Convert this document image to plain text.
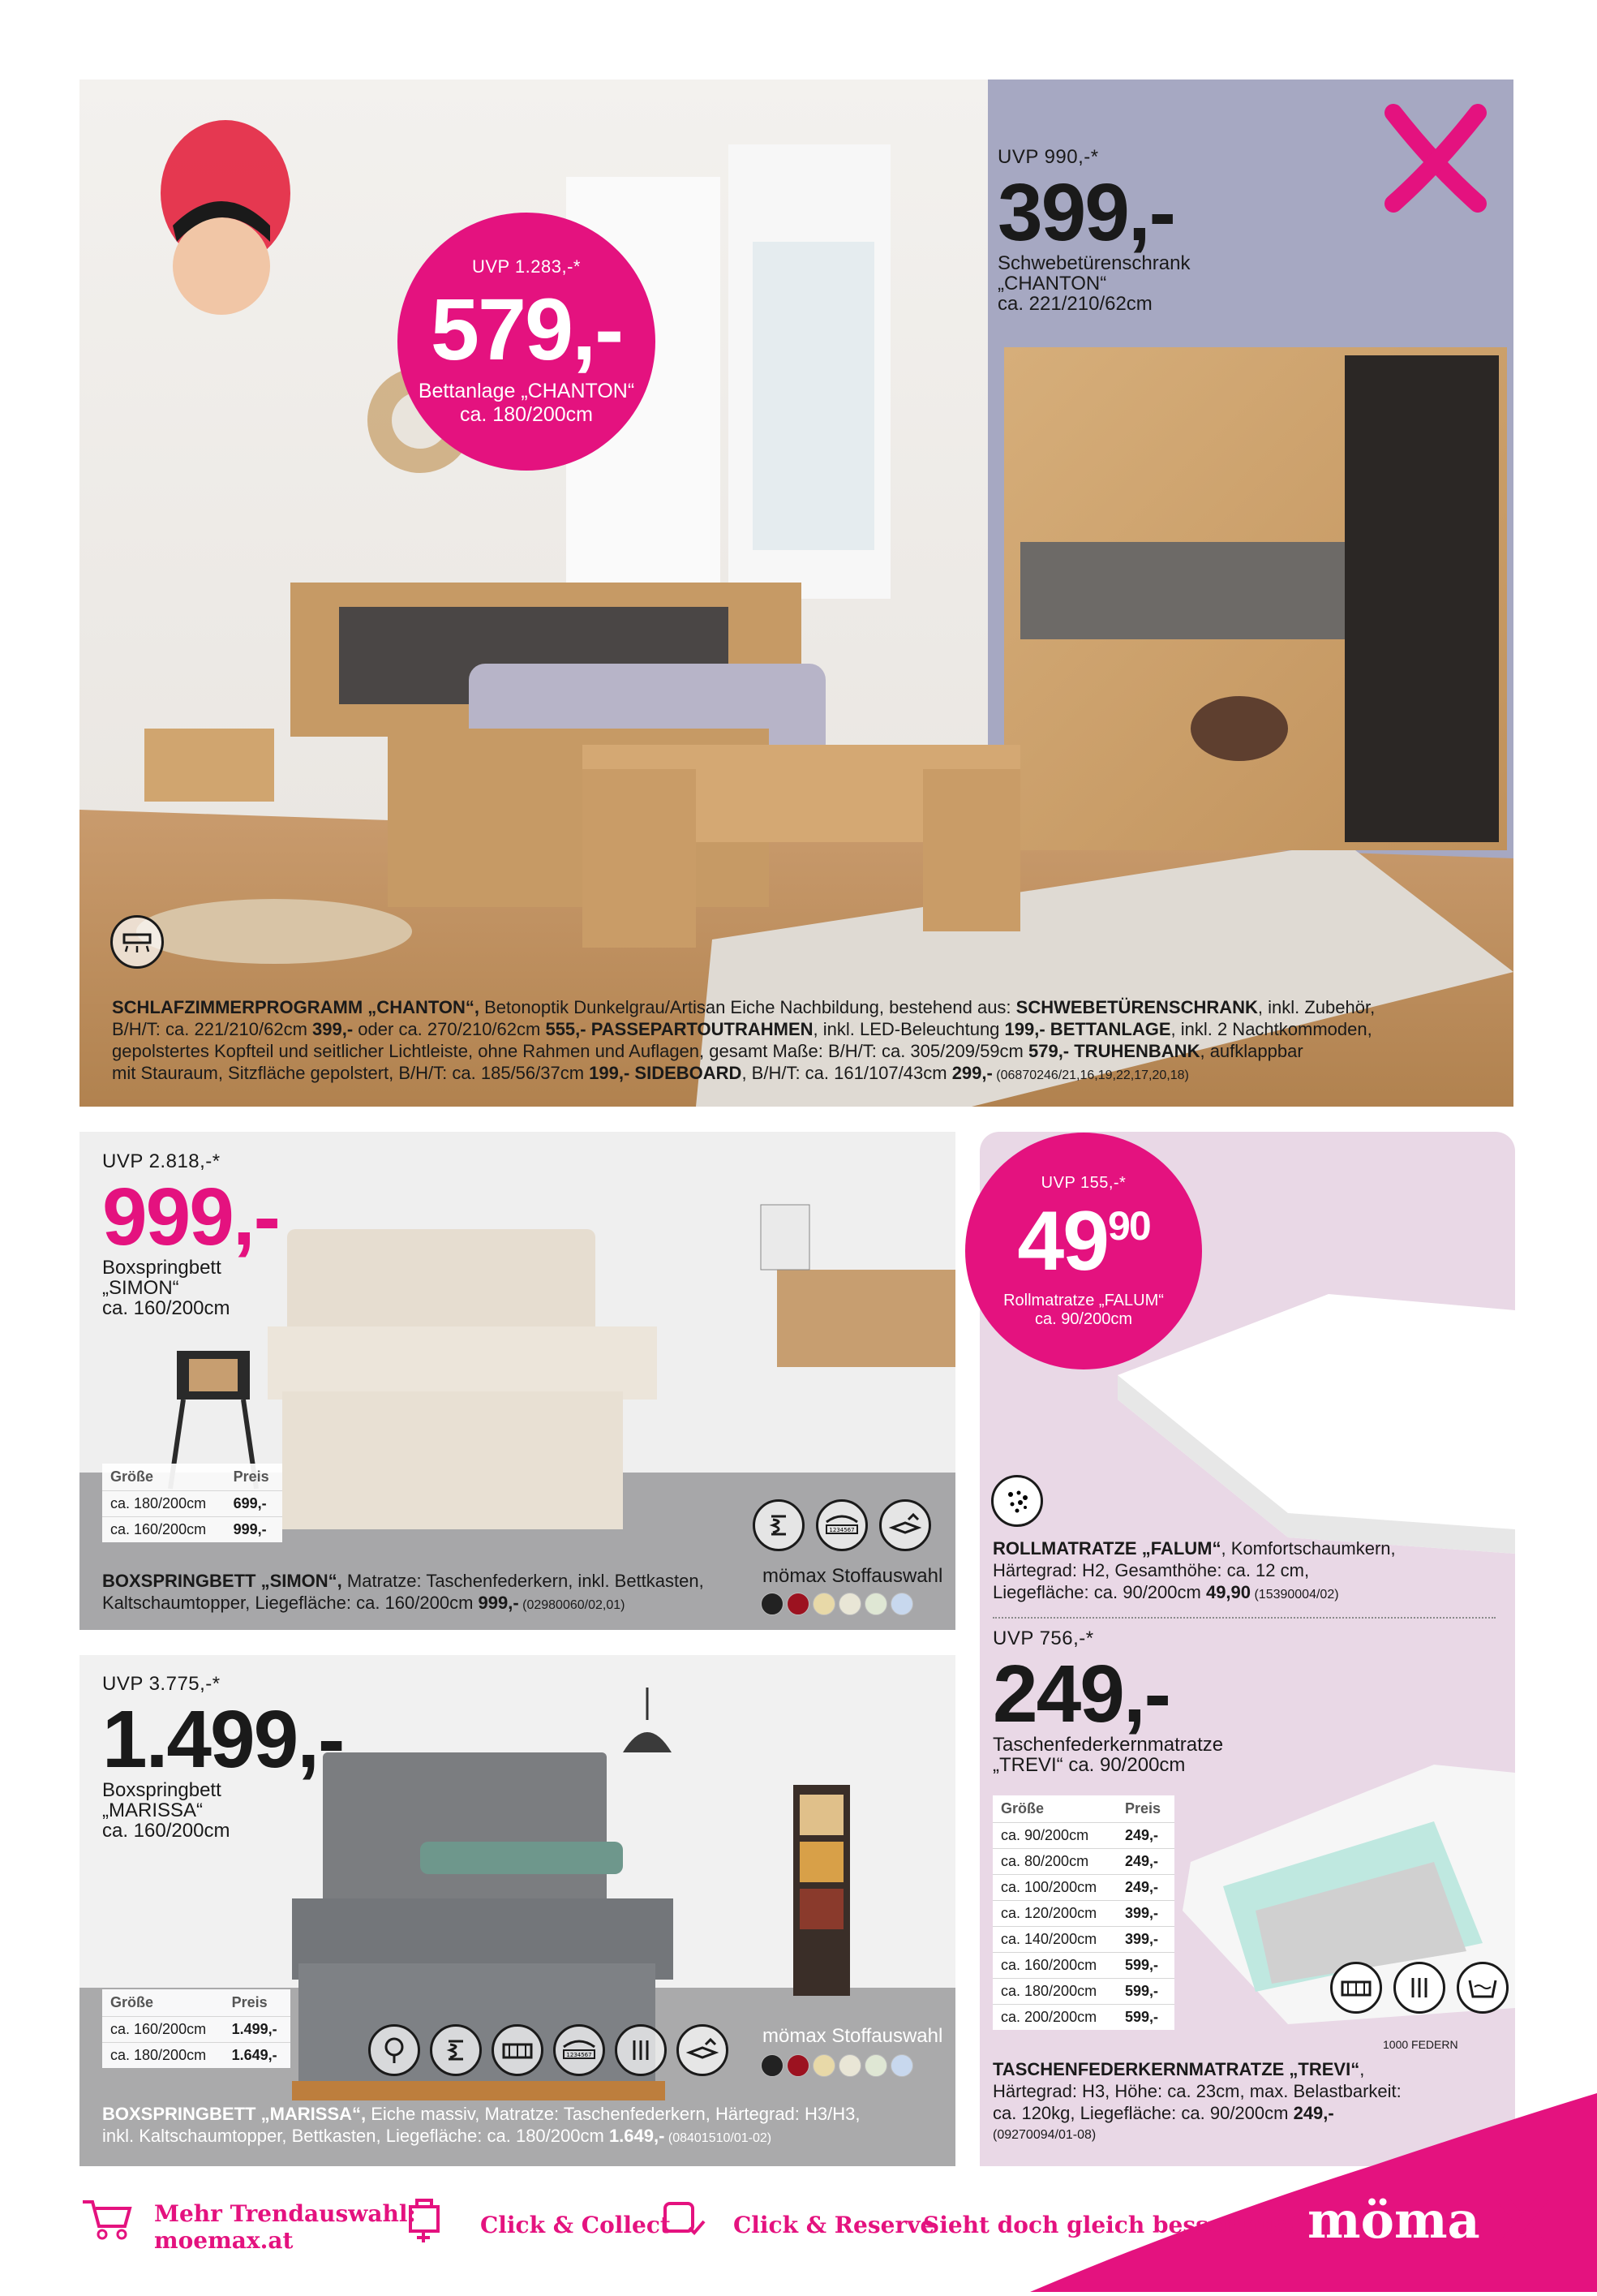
UVP 1.283,-*
579,-
Bettanlage „CHANTON“
ca. 180/200cm
UVP 990,-*
399,-
Schwebetürenschrank
„CHANTON“
ca. 221/210/62cm
SCHLAFZIMMERPROGRAMM „CHANTON“, Betonoptik Dunkelgrau/Artisan Eiche Nachbildung, bestehend aus: SCHWEBETÜRENSCHRANK, inkl. Zubehör,
B/H/T: ca. 221/210/62cm 399,- oder ca. 270/210/62cm 555,- PASSEPARTOUTRAHMEN, inkl. LED-Beleuchtung 199,- BETTANLAGE, inkl. 2 Nachtkommoden,
gepolstertes Kopfteil und seitlicher Lichtleiste, ohne Rahmen und Auflagen, gesamt Maße: B/H/T: ca. 305/209/59cm 579,- TRUHENBANK, aufklappbar
mit Stauraum, Sitzfläche gepolstert, B/H/T: ca. 185/56/37cm 199,- SIDEBOARD, B/H/T: ca. 161/107/43cm 299,- (06870246/21,16,19,22,17,20,18)
UVP 2.818,-*
999,-
Boxspringbett
„SIMON“
ca. 160/200cm
Größe	Preis
ca. 180/200cm	699,-
ca. 160/200cm	999,-	1234567
mömax Stoffauswahl
BOXSPRINGBETT „SIMON“, Matratze: Taschenfederkern, inkl. Bettkasten,
Kaltschaumtopper, Liegefläche: ca. 160/200cm 999,- (02980060/02,01)
UVP 3.775,-*
1.499,-
Boxspringbett
„MARISSA“
ca. 160/200cm
Größe	Preis
ca. 160/200cm	1.499,-
ca. 180/200cm	1.649,-	1234567
mömax Stoffauswahl
BOXSPRINGBETT „MARISSA“, Eiche massiv, Matratze: Taschenfederkern, Härtegrad: H3/H3,
inkl. Kaltschaumtopper, Bettkasten, Liegefläche: ca. 180/200cm 1.649,- (08401510/01-02)
UVP 155,-*
49 90
Rollmatratze „FALUM“
ca. 90/200cm
ROLLMATRATZE „FALUM“, Komfortschaumkern,
Härtegrad: H2, Gesamthöhe: ca. 12 cm,
Liegefläche: ca. 90/200cm 49,90 (15390004/02)
UVP 756,-*
249,-
Taschenfederkernmatratze
„TREVI“ ca. 90/200cm
Größe	Preis
ca. 90/200cm	249,-
ca. 80/200cm	249,-
ca. 100/200cm	249,-
ca. 120/200cm	399,-
ca. 140/200cm	399,-
ca. 160/200cm	599,-
ca. 180/200cm	599,-
ca. 200/200cm	599,-
1000 FEDERN
TASCHENFEDERKERNMATRATZE „TREVI“,
Härtegrad: H3, Höhe: ca. 23cm, max. Belastbarkeit:
ca. 120kg, Liegefläche: ca. 90/200cm 249,-
(09270094/01-08)
Mehr Trendauswahl:
moemax.at
Click & Collect	Click & Reserve
Sieht doch gleich besser aus! möma
